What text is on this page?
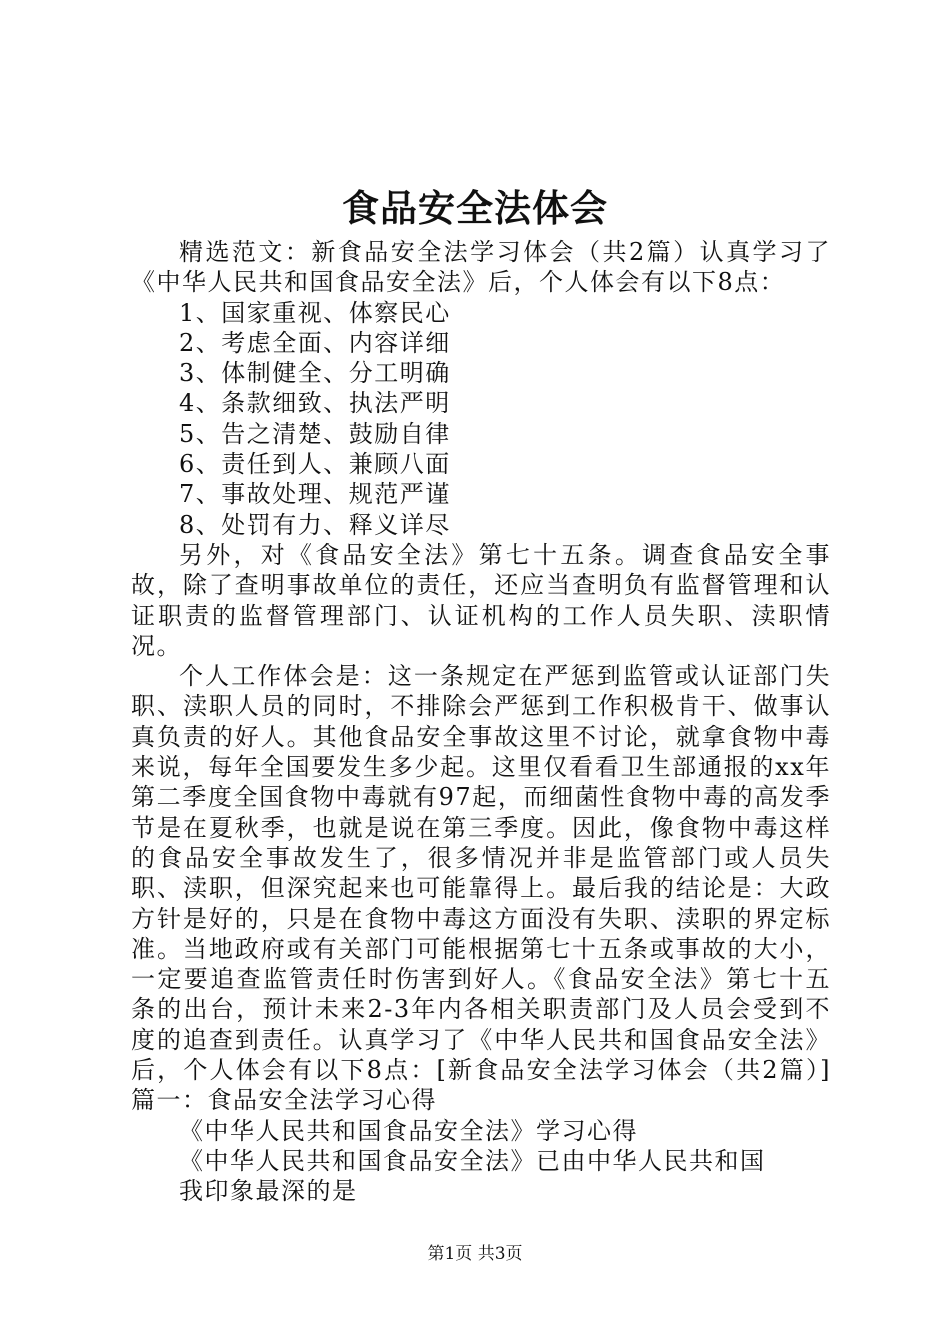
食品安全法体会

精选范文：新食品安全法学习体会（共2篇）认真学习了《中华人民共和国食品安全法》后，个人体会有以下8点：

1、国家重视、体察民心

2、考虑全面、内容详细

3、体制健全、分工明确

4、条款细致、执法严明

5、告之清楚、鼓励自律

6、责任到人、兼顾八面

7、事故处理、规范严谨

8、处罚有力、释义详尽

另外，对《食品安全法》第七十五条。调查食品安全事故，除了查明事故单位的责任，还应当查明负有监督管理和认证职责的监督管理部门、认证机构的工作人员失职、渎职情况。

个人工作体会是：这一条规定在严惩到监管或认证部门失职、渎职人员的同时，不排除会严惩到工作积极肯干、做事认真负责的好人。其他食品安全事故这里不讨论，就拿食物中毒来说，每年全国要发生多少起。这里仅看看卫生部通报的xx年第二季度全国食物中毒就有97起，而细菌性食物中毒的高发季节是在夏秋季，也就是说在第三季度。因此，像食物中毒这样的食品安全事故发生了，很多情况并非是监管部门或人员失职、渎职，但深究起来也可能靠得上。最后我的结论是：大政方针是好的，只是在食物中毒这方面没有失职、渎职的界定标准。当地政府或有关部门可能根据第七十五条或事故的大小，一定要追查监管责任时伤害到好人。《食品安全法》第七十五条的出台，预计未来2-3年内各相关职责部门及人员会受到不度的追查到责任。认真学习了《中华人民共和国食品安全法》后，个人体会有以下8点：[新食品安全法学习体会（共2篇）]篇一：食品安全法学习心得

《中华人民共和国食品安全法》学习心得

《中华人民共和国食品安全法》已由中华人民共和国

我印象最深的是

第1页 共3页
